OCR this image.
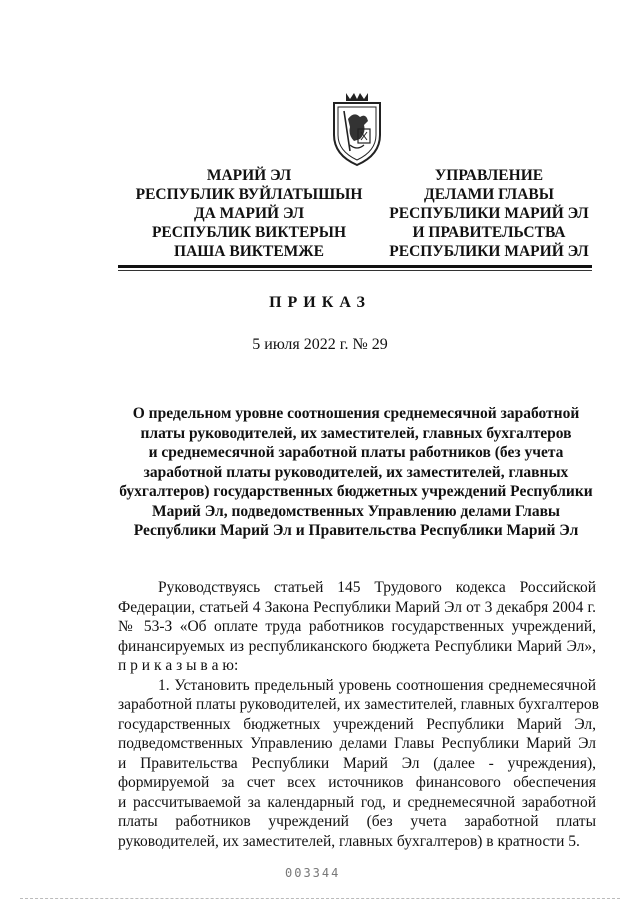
МАРИЙ ЭЛ
РЕСПУБЛИК ВУЙЛАТЫШЫН
ДА МАРИЙ ЭЛ
РЕСПУБЛИК ВИКТЕРЫН
ПАША ВИКТЕМЖЕ
УПРАВЛЕНИЕ
ДЕЛАМИ ГЛАВЫ
РЕСПУБЛИКИ МАРИЙ ЭЛ
И ПРАВИТЕЛЬСТВА
РЕСПУБЛИКИ МАРИЙ ЭЛ
ПРИКАЗ
5 июля 2022 г. № 29
О предельном уровне соотношения среднемесячной заработной
платы руководителей, их заместителей, главных бухгалтеров
и среднемесячной заработной платы работников (без учета
заработной платы руководителей, их заместителей, главных
бухгалтеров) государственных бюджетных учреждений Республики
Марий Эл, подведомственных Управлению делами Главы
Республики Марий Эл и Правительства Республики Марий Эл
Руководствуясь статьей 145 Трудового кодекса Российской
Федерации, статьей 4 Закона Республики Марий Эл от 3 декабря 2004 г.
№ 53-З «Об оплате труда работников государственных учреждений,
финансируемых из республиканского бюджета Республики Марий Эл»,
п р и к а з ы в а ю:
1. Установить предельный уровень соотношения среднемесячной
заработной платы руководителей, их заместителей, главных бухгалтеров
государственных бюджетных учреждений Республики Марий Эл,
подведомственных Управлению делами Главы Республики Марий Эл
и Правительства Республики Марий Эл (далее - учреждения),
формируемой за счет всех источников финансового обеспечения
и рассчитываемой за календарный год, и среднемесячной заработной
платы работников учреждений (без учета заработной платы
руководителей, их заместителей, главных бухгалтеров) в кратности 5.
003344
